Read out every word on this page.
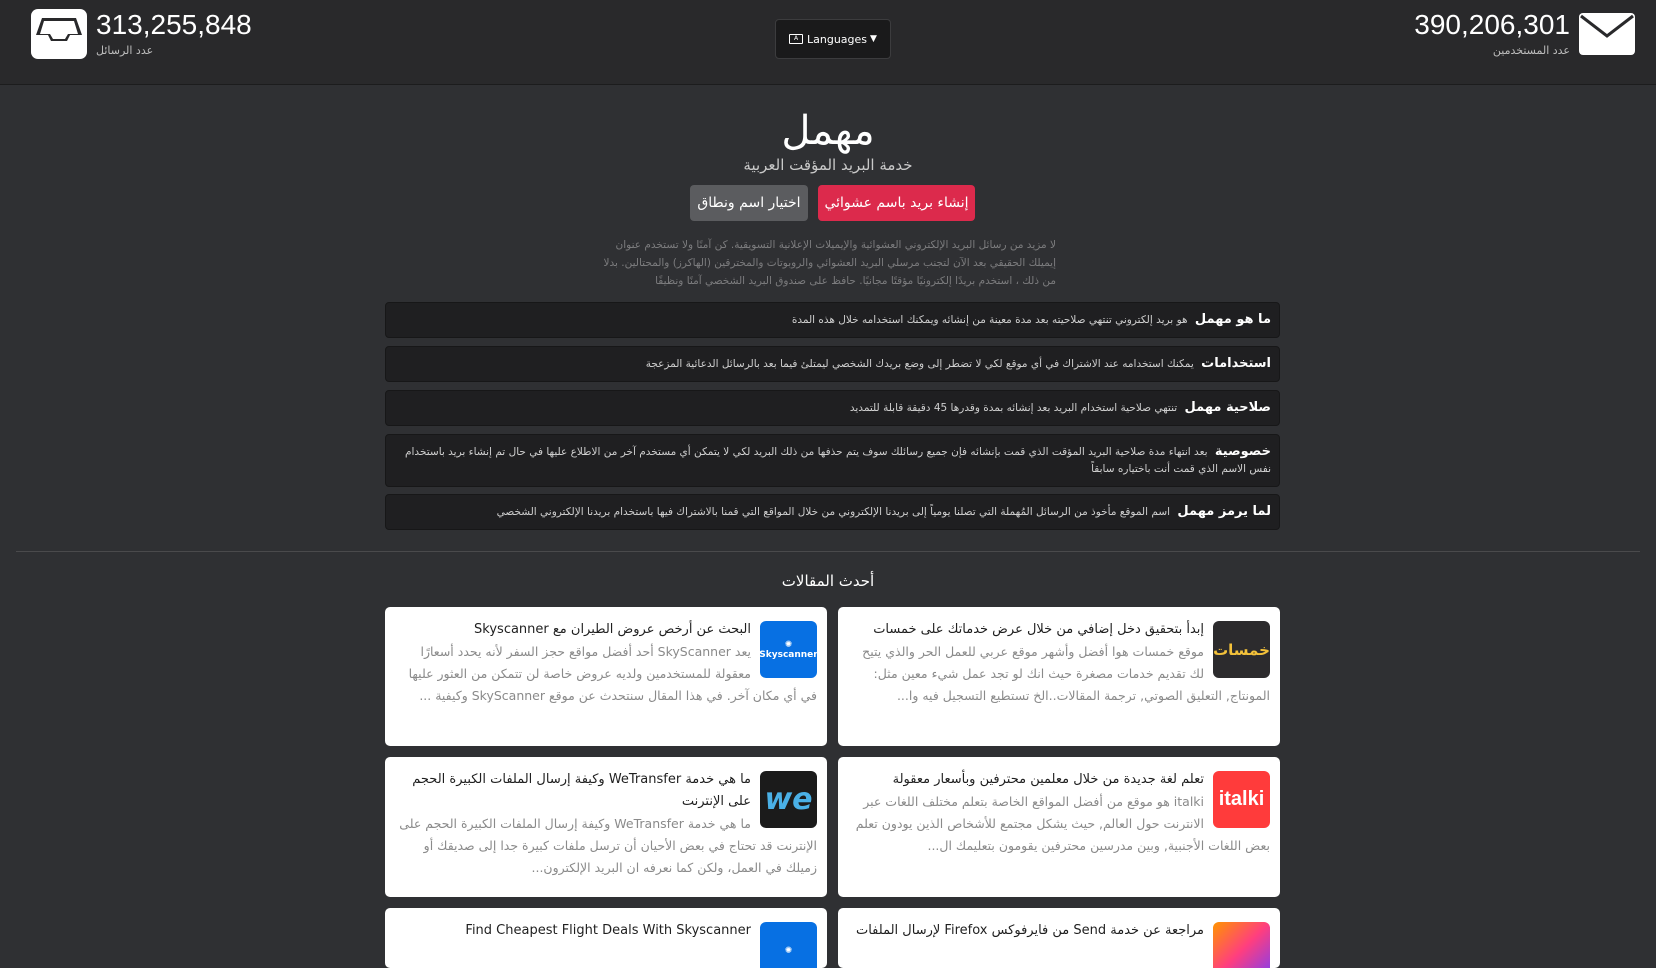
313,255,848
عدد الرسائل
A Languages ▼	390,206,301
عدد المستخدمين
مهمل
خدمة البريد المؤقت العربية
إنشاء بريد باسم عشوائي
اختيار اسم ونطاق
لا مزيد من رسائل البريد الإلكتروني العشوائية والإيميلات الإعلانية التسويقية. كن آمنًا ولا تستخدم عنوان إيميلك الحقيقي بعد الآن لتجنب مرسلي البريد العشوائي والروبوتات والمخترقين (الهاكرز) والمحتالين. بدلا من ذلك ، استخدم بريدًا إلكترونيًا مؤقتًا مجانيًا. حافظ على صندوق البريد الشخصي آمنًا ونظيفًا
ما هو مهمل هو بريد إلكتروني تنتهي صلاحيته بعد مدة معينة من إنشائه ويمكنك استخدامه خلال هذه المدة
استخدامات يمكنك استخدامه عند الاشتراك في أي موقع لكي لا تضطر إلى وضع بريدك الشخصي ليمتلئ فيما بعد بالرسائل الدعائية المزعجة
صلاحية مهمل تنتهي صلاحية استخدام البريد بعد إنشائه بمدة وقدرها 45 دقيقة قابلة للتمديد
خصوصية بعد انتهاء مدة صلاحية البريد المؤقت الذي قمت بإنشائه فإن جميع رسائلك سوف يتم حذفها من ذلك البريد لكي لا يتمكن أي مستخدم آخر من الاطلاع عليها في حال تم إنشاء بريد باستخدام نفس الاسم الذي قمت أنت باختياره سابقاً
لما يرمز مهمل اسم الموقع مأخوذ من الرسائل المُهملة التي تصلنا يومياً إلى بريدنا الإلكتروني من خلال المواقع التي قمنا بالاشتراك فيها باستخدام بريدنا الإلكتروني الشخصي
أحدث المقالات
خمسات
إبدأ بتحقيق دخل إضافي من خلال عرض خدماتك على خمسات
موقع خمسات هوا أفضل وأشهر موقع عربي للعمل الحر والذي يتيح لك تقديم خدمات مصغرة حيث انك لو تجد عمل شيء معين مثل: المونتاج, التعليق الصوتي, ترجمة المقالات..الخ تستطيع التسجيل فيه وا...
✺
Skyscanner
البحث عن أرخص عروض الطيران مع Skyscanner
يعد SkyScanner أحد أفضل مواقع حجز السفر لأنه يحدد أسعارًا معقولة للمستخدمين ولديه عروض خاصة لن تتمكن من العثور عليها في أي مكان آخر. في هذا المقال سنتحدث عن موقع SkyScanner وكيفية ...
italki
تعلم لغة جديدة من خلال معلمين محترفين وبأسعار معقولة
italki هو موقع من أفضل المواقع الخاصة بتعلم مختلف اللغات عبر الانترنت حول العالم, حيث يشكل مجتمع للأشخاص الذين يودون تعلم بعض اللغات الأجنبية, وبين مدرسين محترفين يقومون بتعليمك ال...
we
ما هي خدمة WeTransfer وكيفة إرسال الملفات الكبيرة الحجم على الإنترنت
ما هي خدمة WeTransfer وكيفة إرسال الملفات الكبيرة الحجم على الإنترنت قد تحتاج في بعض الأحيان أن ترسل ملفات كبيرة جدا إلى صديقك أو زميلك في العمل، ولكن كما نعرفه ان البريد الإلكترون...
مراجعة عن خدمة Send من فايرفوكس Firefox لإرسال الملفات
✺
Find Cheapest Flight Deals With Skyscanner
